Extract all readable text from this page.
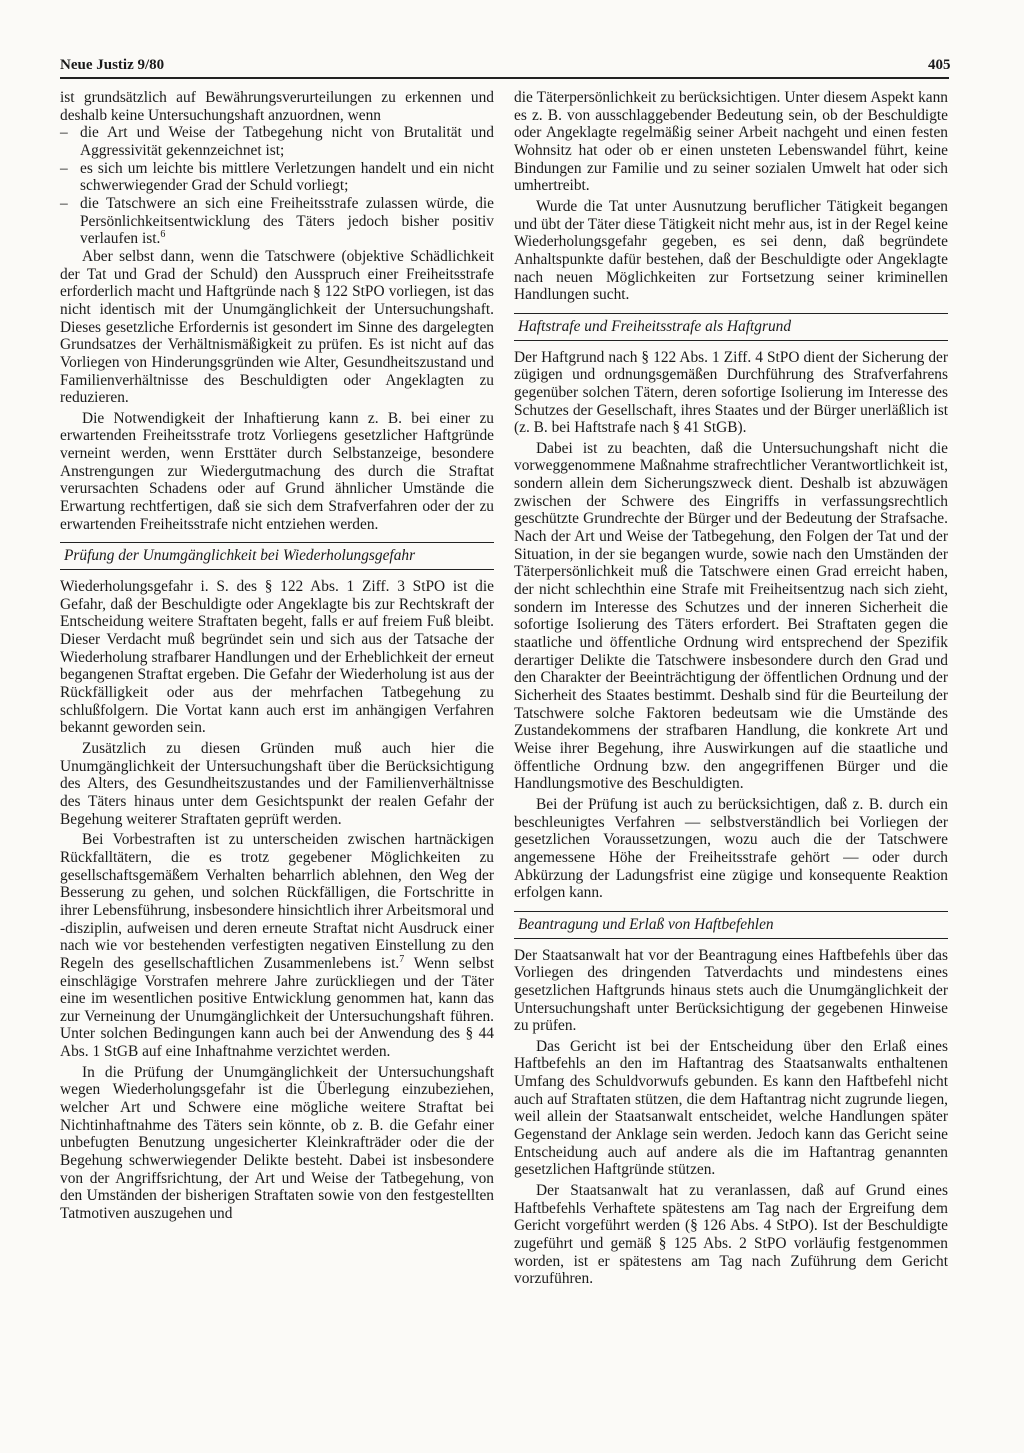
Neue Justiz 9/80	405

ist grundsätzlich auf Bewährungsverurteilungen zu erkennen und deshalb keine Untersuchungshaft anzuordnen, wenn

– die Art und Weise der Tatbegehung nicht von Brutalität und Aggressivität gekennzeichnet ist;
– es sich um leichte bis mittlere Verletzungen handelt und ein nicht schwerwiegender Grad der Schuld vorliegt;
– die Tatschwere an sich eine Freiheitsstrafe zulassen würde, die Persönlichkeitsentwicklung des Täters jedoch bisher positiv verlaufen ist.$^6$

Aber selbst dann, wenn die Tatschwere (objektive Schädlichkeit der Tat und Grad der Schuld) den Ausspruch einer Freiheitsstrafe erforderlich macht und Haftgründe nach § 122 StPO vorliegen, ist das nicht identisch mit der Unumgänglichkeit der Untersuchungshaft. Dieses gesetzliche Erfordernis ist gesondert im Sinne des dargelegten Grundsatzes der Verhältnismäßigkeit zu prüfen. Es ist nicht auf das Vorliegen von Hinderungsgründen wie Alter, Gesundheitszustand und Familienverhältnisse des Beschuldigten oder Angeklagten zu reduzieren.

Die Notwendigkeit der Inhaftierung kann z. B. bei einer zu erwartenden Freiheitsstrafe trotz Vorliegens gesetzlicher Haftgründe verneint werden, wenn Ersttäter durch Selbstanzeige, besondere Anstrengungen zur Wiedergutmachung des durch die Straftat verursachten Schadens oder auf Grund ähnlicher Umstände die Erwartung rechtfertigen, daß sie sich dem Strafverfahren oder der zu erwartenden Freiheitsstrafe nicht entziehen werden.

Prüfung der Unumgänglichkeit bei Wiederholungsgefahr

Wiederholungsgefahr i. S. des § 122 Abs. 1 Ziff. 3 StPO ist die Gefahr, daß der Beschuldigte oder Angeklagte bis zur Rechtskraft der Entscheidung weitere Straftaten begeht, falls er auf freiem Fuß bleibt. Dieser Verdacht muß begründet sein und sich aus der Tatsache der Wiederholung strafbarer Handlungen und der Erheblichkeit der erneut begangenen Straftat ergeben. Die Gefahr der Wiederholung ist aus der Rückfälligkeit oder aus der mehrfachen Tatbegehung zu schlußfolgern. Die Vortat kann auch erst im anhängigen Verfahren bekannt geworden sein.

Zusätzlich zu diesen Gründen muß auch hier die Unumgänglichkeit der Untersuchungshaft über die Berücksichtigung des Alters, des Gesundheitszustandes und der Familienverhältnisse des Täters hinaus unter dem Gesichtspunkt der realen Gefahr der Begehung weiterer Straftaten geprüft werden.

Bei Vorbestraften ist zu unterscheiden zwischen hartnäckigen Rückfalltätern, die es trotz gegebener Möglichkeiten zu gesellschaftsgemäßem Verhalten beharrlich ablehnen, den Weg der Besserung zu gehen, und solchen Rückfälligen, die Fortschritte in ihrer Lebensführung, insbesondere hinsichtlich ihrer Arbeitsmoral und -disziplin, aufweisen und deren erneute Straftat nicht Ausdruck einer nach wie vor bestehenden verfestigten negativen Einstellung zu den Regeln des gesellschaftlichen Zusammenlebens ist.$^7$ Wenn selbst einschlägige Vorstrafen mehrere Jahre zurückliegen und der Täter eine im wesentlichen positive Entwicklung genommen hat, kann das zur Verneinung der Unumgänglichkeit der Untersuchungshaft führen. Unter solchen Bedingungen kann auch bei der Anwendung des § 44 Abs. 1 StGB auf eine Inhaftnahme verzichtet werden.

In die Prüfung der Unumgänglichkeit der Untersuchungshaft wegen Wiederholungsgefahr ist die Überlegung einzubeziehen, welcher Art und Schwere eine mögliche weitere Straftat bei Nichtinhaftnahme des Täters sein könnte, ob z. B. die Gefahr einer unbefugten Benutzung ungesicherter Kleinkrafträder oder die der Begehung schwerwiegender Delikte besteht. Dabei ist insbesondere von der Angriffsrichtung, der Art und Weise der Tatbegehung, von den Umständen der bisherigen Straftaten sowie von den festgestellten Tatmotiven auszugehen und

die Täterpersönlichkeit zu berücksichtigen. Unter diesem Aspekt kann es z. B. von ausschlaggebender Bedeutung sein, ob der Beschuldigte oder Angeklagte regelmäßig seiner Arbeit nachgeht und einen festen Wohnsitz hat oder ob er einen unsteten Lebenswandel führt, keine Bindungen zur Familie und zu seiner sozialen Umwelt hat oder sich umhertreibt.

Wurde die Tat unter Ausnutzung beruflicher Tätigkeit begangen und übt der Täter diese Tätigkeit nicht mehr aus, ist in der Regel keine Wiederholungsgefahr gegeben, es sei denn, daß begründete Anhaltspunkte dafür bestehen, daß der Beschuldigte oder Angeklagte nach neuen Möglichkeiten zur Fortsetzung seiner kriminellen Handlungen sucht.

Haftstrafe und Freiheitsstrafe als Haftgrund

Der Haftgrund nach § 122 Abs. 1 Ziff. 4 StPO dient der Sicherung der zügigen und ordnungsgemäßen Durchführung des Strafverfahrens gegenüber solchen Tätern, deren sofortige Isolierung im Interesse des Schutzes der Gesellschaft, ihres Staates und der Bürger unerläßlich ist (z. B. bei Haftstrafe nach § 41 StGB).

Dabei ist zu beachten, daß die Untersuchungshaft nicht die vorweggenommene Maßnahme strafrechtlicher Verantwortlichkeit ist, sondern allein dem Sicherungszweck dient. Deshalb ist abzuwägen zwischen der Schwere des Eingriffs in verfassungsrechtlich geschützte Grundrechte der Bürger und der Bedeutung der Strafsache. Nach der Art und Weise der Tatbegehung, den Folgen der Tat und der Situation, in der sie begangen wurde, sowie nach den Umständen der Täterpersönlichkeit muß die Tatschwere einen Grad erreicht haben, der nicht schlechthin eine Strafe mit Freiheitsentzug nach sich zieht, sondern im Interesse des Schutzes und der inneren Sicherheit die sofortige Isolierung des Täters erfordert. Bei Straftaten gegen die staatliche und öffentliche Ordnung wird entsprechend der Spezifik derartiger Delikte die Tatschwere insbesondere durch den Grad und den Charakter der Beeinträchtigung der öffentlichen Ordnung und der Sicherheit des Staates bestimmt. Deshalb sind für die Beurteilung der Tatschwere solche Faktoren bedeutsam wie die Umstände des Zustandekommens der strafbaren Handlung, die konkrete Art und Weise ihrer Begehung, ihre Auswirkungen auf die staatliche und öffentliche Ordnung bzw. den angegriffenen Bürger und die Handlungsmotive des Beschuldigten.

Bei der Prüfung ist auch zu berücksichtigen, daß z. B. durch ein beschleunigtes Verfahren — selbstverständlich bei Vorliegen der gesetzlichen Voraussetzungen, wozu auch die der Tatschwere angemessene Höhe der Freiheitsstrafe gehört — oder durch Abkürzung der Ladungsfrist eine zügige und konsequente Reaktion erfolgen kann.

Beantragung und Erlaß von Haftbefehlen

Der Staatsanwalt hat vor der Beantragung eines Haftbefehls über das Vorliegen des dringenden Tatverdachts und mindestens eines gesetzlichen Haftgrunds hinaus stets auch die Unumgänglichkeit der Untersuchungshaft unter Berücksichtigung der gegebenen Hinweise zu prüfen.

Das Gericht ist bei der Entscheidung über den Erlaß eines Haftbefehls an den im Haftantrag des Staatsanwalts enthaltenen Umfang des Schuldvorwufs gebunden. Es kann den Haftbefehl nicht auch auf Straftaten stützen, die dem Haftantrag nicht zugrunde liegen, weil allein der Staatsanwalt entscheidet, welche Handlungen später Gegenstand der Anklage sein werden. Jedoch kann das Gericht seine Entscheidung auch auf andere als die im Haftantrag genannten gesetzlichen Haftgründe stützen.

Der Staatsanwalt hat zu veranlassen, daß auf Grund eines Haftbefehls Verhaftete spätestens am Tag nach der Ergreifung dem Gericht vorgeführt werden (§ 126 Abs. 4 StPO). Ist der Beschuldigte zugeführt und gemäß § 125 Abs. 2 StPO vorläufig festgenommen worden, ist er spätestens am Tag nach Zuführung dem Gericht vorzuführen.
